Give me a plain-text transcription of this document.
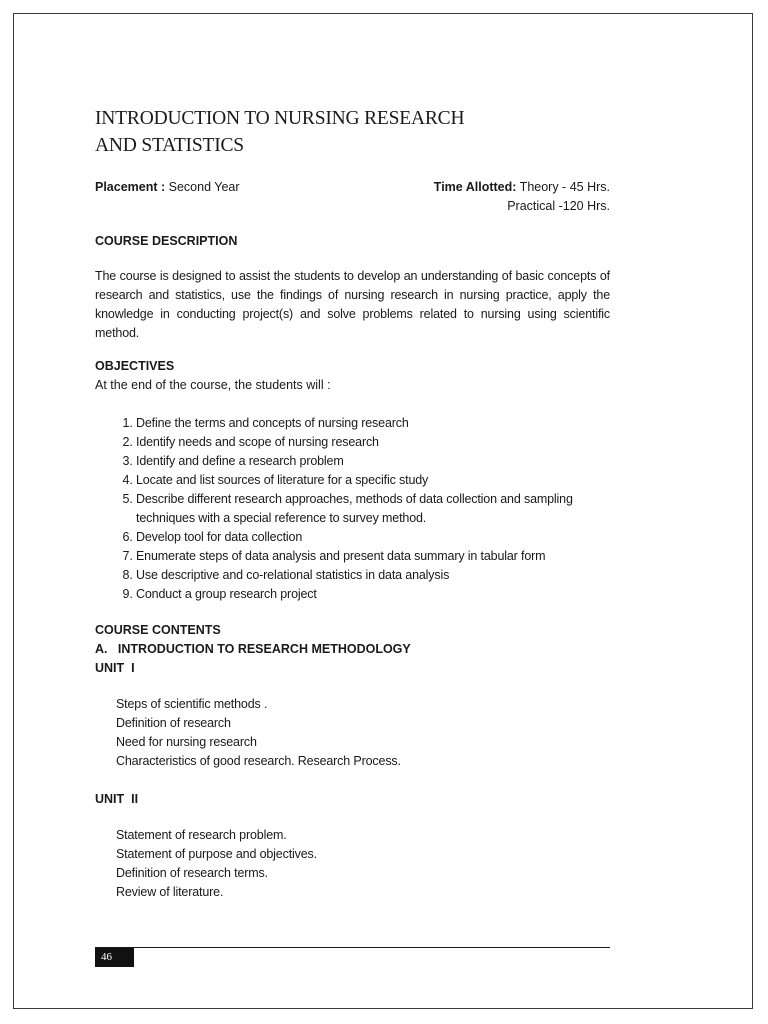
INTRODUCTION TO NURSING RESEARCH
AND STATISTICS
Placement : Second Year	Time Allotted: Theory - 45 Hrs.
Practical -120 Hrs.
COURSE DESCRIPTION

The course is designed to assist the students to develop an understanding of basic concepts of research and statistics, use the findings of nursing research in nursing practice, apply the knowledge in conducting project(s) and solve problems related to nursing using scientific method.

OBJECTIVES
At the end of the course, the students will :
1. Define the terms and concepts of nursing research
2. Identify needs and scope of nursing research
3. Identify and define a research problem
4. Locate and list sources of literature for a specific study
5. Describe different research approaches, methods of data collection and sampling techniques with a special reference to survey method.
6. Develop tool for data collection
7. Enumerate steps of data analysis and present data summary in tabular form
8. Use descriptive and co-relational statistics in data analysis
9. Conduct a group research project
COURSE CONTENTS
A.   INTRODUCTION TO RESEARCH METHODOLOGY
UNIT  I
Steps of scientific methods .
Definition of research
Need for nursing research
Characteristics of good research. Research Process.
UNIT  II
Statement of research problem.
Statement of purpose and objectives.
Definition of research terms.
Review of literature.
46
